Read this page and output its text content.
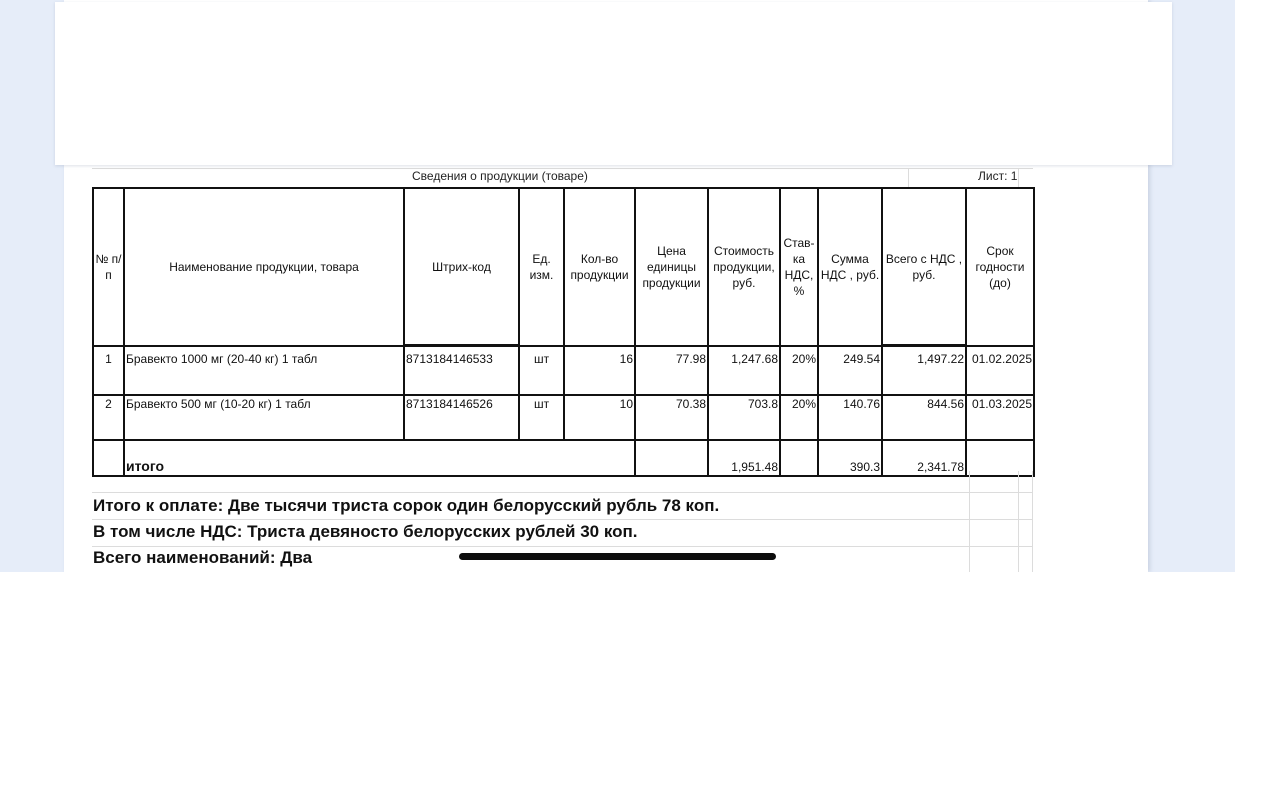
Сведения о продукции (товаре)	Лист: 1
№ п/п	Наименование продукции, товара	Штрих-код	Ед. изм.	Кол-во продукции	Цена единицы продукции	Стоимость продукции, руб.	Став-ка НДС, %	Сумма НДС , руб.	Всего с НДС , руб.	Срок годности (до)
1	Бравекто 1000 мг (20-40 кг) 1 табл	8713184146533	шт	16	77.98	1,247.68	20%	249.54	1,497.22	01.02.2025
2	Бравекто 500 мг (10-20 кг) 1 табл	8713184146526	шт	10	70.38	703.8	20%	140.76	844.56	01.03.2025
	итого					1,951.48		390.3	2,341.78	
Итого к оплате: Две тысячи триста сорок один белорусский рубль 78 коп.
В том числе НДС: Триста девяносто белорусских рублей 30 коп.
Всего наименований: Два
